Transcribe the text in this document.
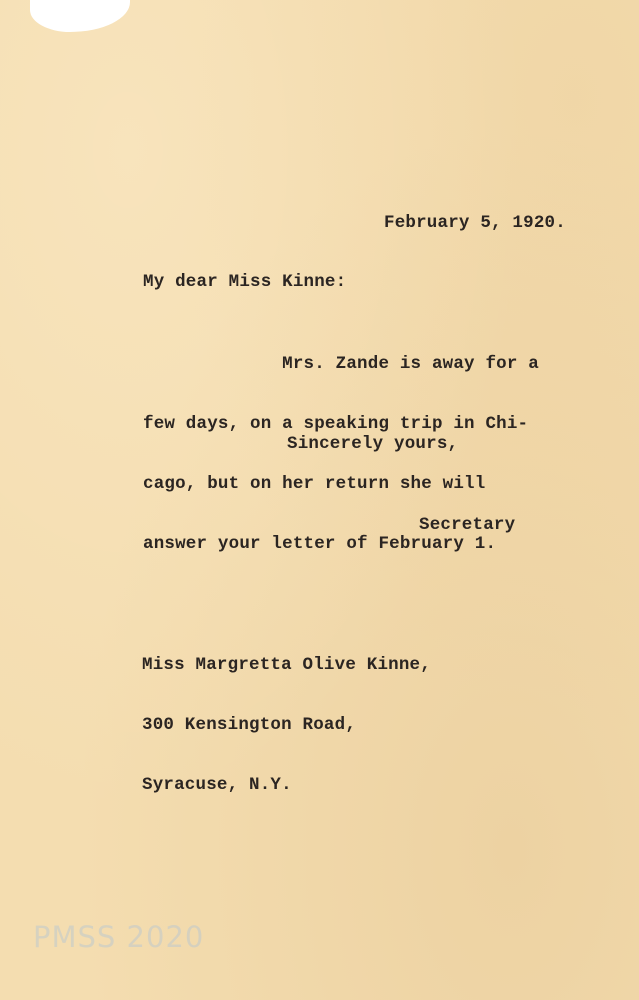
February 5, 1920.

My dear Miss Kinne:

Mrs. Zande is away for a

few days, on a speaking trip in Chi-

cago, but on her return she will

answer your letter of February 1.

Sincerely yours,

Secretary

Miss Margretta Olive Kinne,

300 Kensington Road,

Syracuse, N.Y.

PMSS 2020
